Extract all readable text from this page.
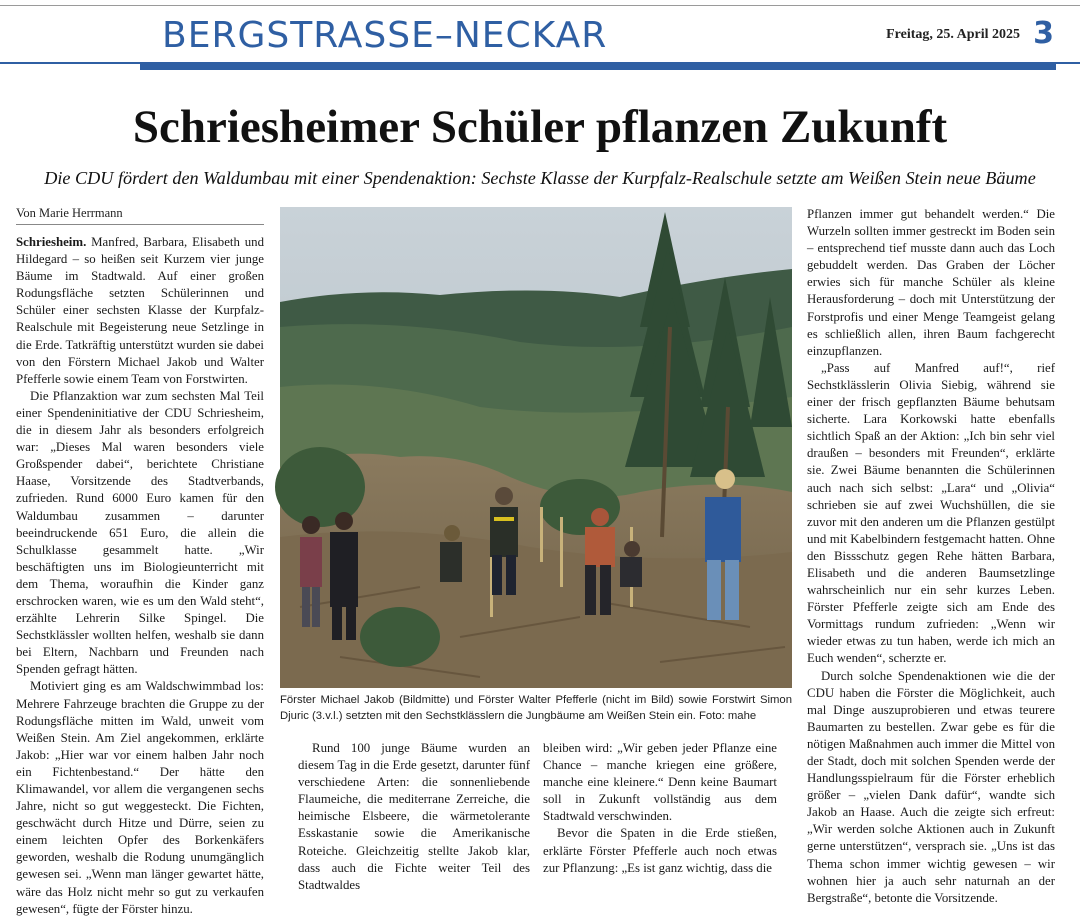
BERGSTRASSE–NECKAR	Freitag, 25. April 2025 3
Schriesheimer Schüler pflanzen Zukunft
Die CDU fördert den Waldumbau mit einer Spendenaktion: Sechste Klasse der Kurpfalz-Realschule setzte am Weißen Stein neue Bäume
Von Marie Herrmann

Schriesheim. Manfred, Barbara, Elisabeth und Hildegard – so heißen seit Kurzem vier junge Bäume im Stadtwald. Auf einer großen Rodungsfläche setzten Schülerinnen und Schüler einer sechsten Klasse der Kurpfalz-Realschule mit Begeisterung neue Setzlinge in die Erde. Tatkräftig unterstützt wurden sie dabei von den Förstern Michael Jakob und Walter Pfefferle sowie einem Team von Forstwirten.

Die Pflanzaktion war zum sechsten Mal Teil einer Spendeninitiative der CDU Schriesheim, die in diesem Jahr als besonders erfolgreich war: „Dieses Mal waren besonders viele Großspender dabei“, berichtete Christiane Haase, Vorsitzende des Stadtverbands, zufrieden. Rund 6000 Euro kamen für den Waldumbau zusammen – darunter beeindruckende 651 Euro, die allein die Schulklasse gesammelt hatte. „Wir beschäftigten uns im Biologieunterricht mit dem Thema, woraufhin die Kinder ganz erschrocken waren, wie es um den Wald steht“, erzählte Lehrerin Silke Spingel. Die Sechstklässler wollten helfen, weshalb sie dann bei Eltern, Nachbarn und Freunden nach Spenden gefragt hätten.

Motiviert ging es am Waldschwimmbad los: Mehrere Fahrzeuge brachten die Gruppe zu der Rodungsfläche mitten im Wald, unweit vom Weißen Stein. Am Ziel angekommen, erklärte Jakob: „Hier war vor einem halben Jahr noch ein Fichtenbestand.“ Der hätte den Klimawandel, vor allem die vergangenen sechs Jahre, nicht so gut weggesteckt. Die Fichten, geschwächt durch Hitze und Dürre, seien zu einem leichten Opfer des Borkenkäfers geworden, weshalb die Rodung unumgänglich gewesen sei. „Wenn man länger gewartet hätte, wäre das Holz nicht mehr so gut zu verkaufen gewesen“, fügte der Förster hinzu.

Förster Michael Jakob (Bildmitte) und Förster Walter Pfefferle (nicht im Bild) sowie Forstwirt Simon Djuric (3.v.l.) setzten mit den Sechstklässlern die Jungbäume am Weißen Stein ein. Foto: mahe

Rund 100 junge Bäume wurden an diesem Tag in die Erde gesetzt, darunter fünf verschiedene Arten: die sonnenliebende Flaumeiche, die mediterrane Zerreiche, die heimische Elsbeere, die wärmetolerante Esskastanie sowie die Amerikanische Roteiche. Gleichzeitig stellte Jakob klar, dass auch die Fichte weiter Teil des Stadtwaldes

bleiben wird: „Wir geben jeder Pflanze eine Chance – manche kriegen eine größere, manche eine kleinere.“ Denn keine Baumart soll in Zukunft vollständig aus dem Stadtwald verschwinden.

Bevor die Spaten in die Erde stießen, erklärte Förster Pfefferle auch noch etwas zur Pflanzung: „Es ist ganz wichtig, dass die

Pflanzen immer gut behandelt werden.“ Die Wurzeln sollten immer gestreckt im Boden sein – entsprechend tief musste dann auch das Loch gebuddelt werden. Das Graben der Löcher erwies sich für manche Schüler als kleine Herausforderung – doch mit Unterstützung der Forstprofis und einer Menge Teamgeist gelang es schließlich allen, ihren Baum fachgerecht einzupflanzen.

„Pass auf Manfred auf!“, rief Sechstklässlerin Olivia Siebig, während sie einer der frisch gepflanzten Bäume behutsam sicherte. Lara Korkowski hatte ebenfalls sichtlich Spaß an der Aktion: „Ich bin sehr viel draußen – besonders mit Freunden“, erklärte sie. Zwei Bäume benannten die Schülerinnen auch nach sich selbst: „Lara“ und „Olivia“ schrieben sie auf zwei Wuchshüllen, die sie zuvor mit den anderen um die Pflanzen gestülpt und mit Kabelbindern festgemacht hatten. Ohne den Bissschutz gegen Rehe hätten Barbara, Elisabeth und die anderen Baumsetzlinge wahrscheinlich nur ein sehr kurzes Leben. Förster Pfefferle zeigte sich am Ende des Vormittags rundum zufrieden: „Wenn wir wieder etwas zu tun haben, werde ich mich an Euch wenden“, scherzte er.

Durch solche Spendenaktionen wie die der CDU haben die Förster die Möglichkeit, auch mal Dinge auszuprobieren und etwas teurere Baumarten zu bestellen. Zwar gebe es für die nötigen Maßnahmen auch immer die Mittel von der Stadt, doch mit solchen Spenden werde der Handlungsspielraum für die Förster erheblich größer – „vielen Dank dafür“, wandte sich Jakob an Haase. Auch die zeigte sich erfreut: „Wir werden solche Aktionen auch in Zukunft gerne unterstützen“, versprach sie. „Uns ist das Thema schon immer wichtig gewesen – wir wohnen hier ja auch sehr naturnah an der Bergstraße“, betonte die Vorsitzende.
